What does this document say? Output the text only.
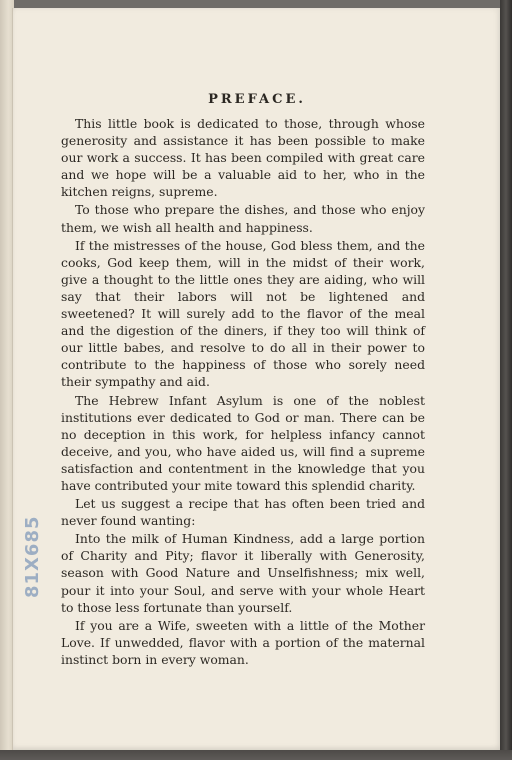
PREFACE.

This little book is dedicated to those, through whose generosity and assistance it has been possible to make our work a success. It has been compiled with great care and we hope will be a valuable aid to her, who in the kitchen reigns, supreme.

To those who prepare the dishes, and those who enjoy them, we wish all health and happiness.

If the mistresses of the house, God bless them, and the cooks, God keep them, will in the midst of their work, give a thought to the little ones they are aiding, who will say that their labors will not be lightened and sweetened? It will surely add to the flavor of the meal and the digestion of the diners, if they too will think of our little babes, and resolve to do all in their power to contribute to the happiness of those who sorely need their sympathy and aid.

The Hebrew Infant Asylum is one of the noblest institutions ever dedicated to God or man. There can be no deception in this work, for helpless infancy cannot deceive, and you, who have aided us, will find a supreme satisfaction and contentment in the knowledge that you have contributed your mite toward this splendid charity.

Let us suggest a recipe that has often been tried and never found wanting:

Into the milk of Human Kindness, add a large portion of Charity and Pity; flavor it liberally with Generosity, season with Good Nature and Unselfishness; mix well, pour it into your Soul, and serve with your whole Heart to those less fortunate than yourself.

If you are a Wife, sweeten with a little of the Mother Love. If unwedded, flavor with a portion of the maternal instinct born in every woman.

81X685
